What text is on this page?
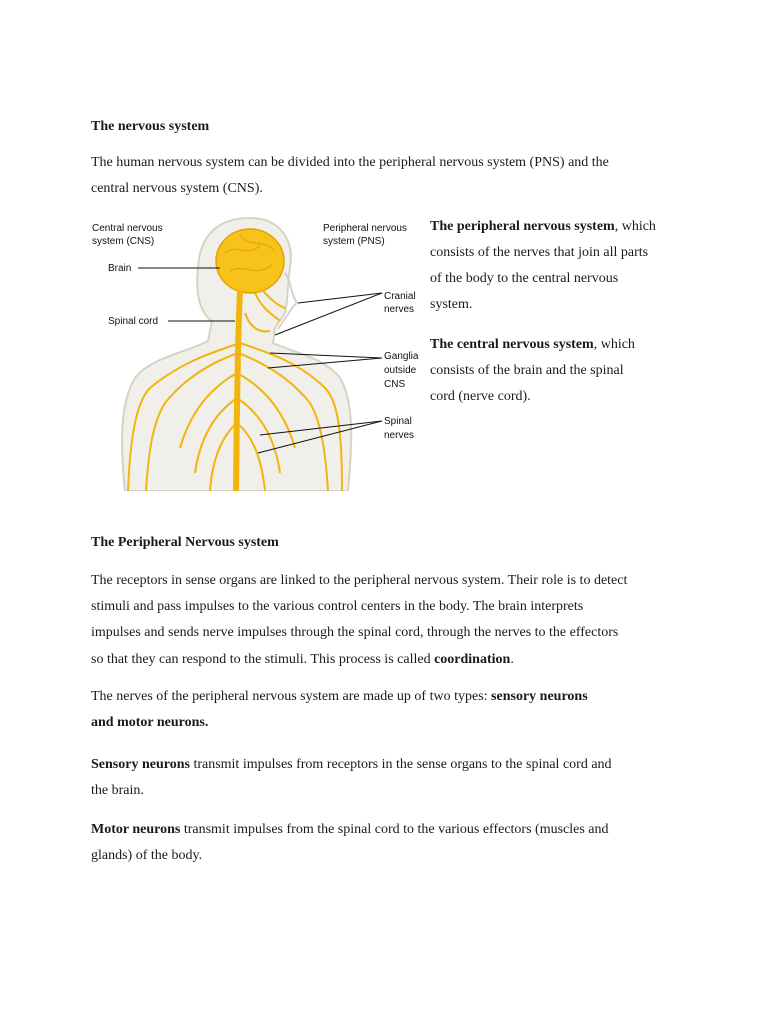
The nervous system
The human nervous system can be divided into the peripheral nervous system (PNS) and the
central nervous system (CNS).
Central nervous
system (CNS)
Peripheral nervous
system (PNS)
Brain
Spinal cord
Cranial
nerves
Ganglia
outside
CNS
Spinal
nerves
The peripheral nervous system, which
consists of the nerves that join all parts
of the body to the central nervous
system.
The central nervous system, which
consists of the brain and the spinal
cord (nerve cord).
The Peripheral Nervous system
The receptors in sense organs are linked to the peripheral nervous system. Their role is to detect
stimuli and pass impulses to the various control centers in the body. The brain interprets
impulses and sends nerve impulses through the spinal cord, through the nerves to the effectors
so that they can respond to the stimuli. This process is called coordination.
The nerves of the peripheral nervous system are made up of two types: sensory neurons
and motor neurons.
Sensory neurons transmit impulses from receptors in the sense organs to the spinal cord and
the brain.
Motor neurons transmit impulses from the spinal cord to the various effectors (muscles and
glands) of the body.
